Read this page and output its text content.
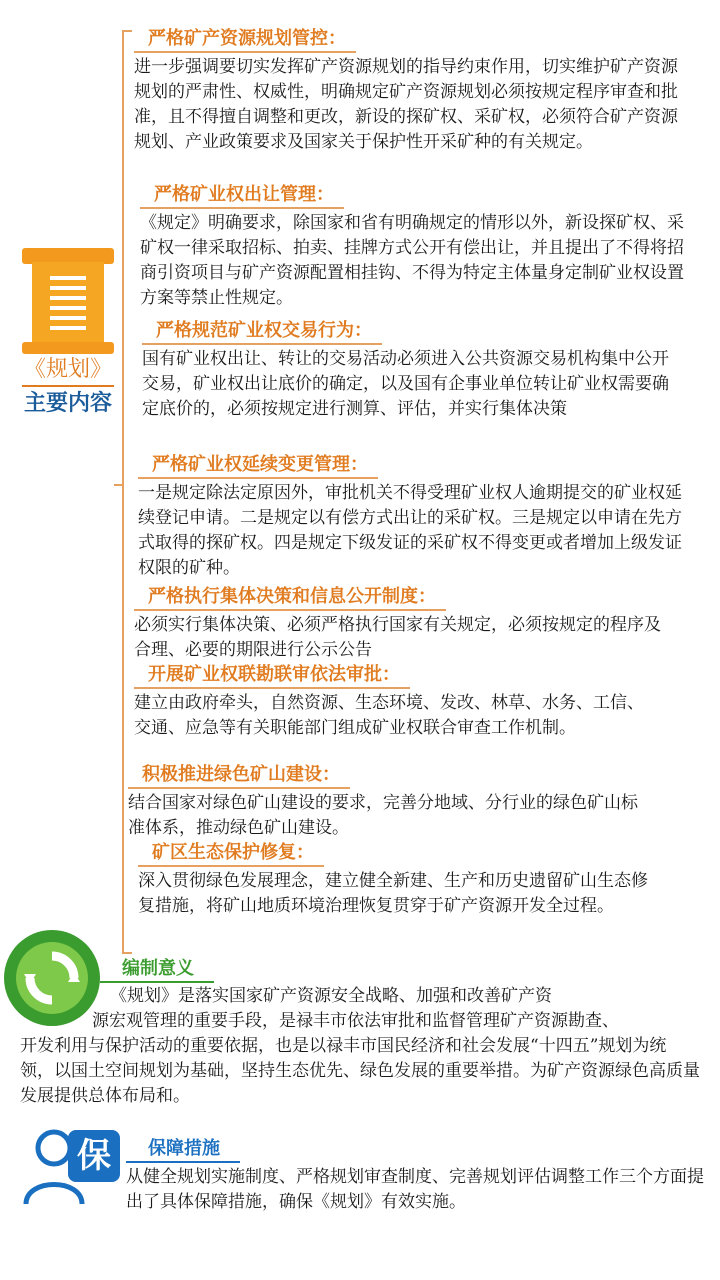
《规划》
主要内容
严格矿产资源规划管控：
进一步强调要切实发挥矿产资源规划的指导约束作用，切实维护矿产资源规划的严肃性、权威性，明确规定矿产资源规划必须按规定程序审查和批准，且不得擅自调整和更改，新设的探矿权、采矿权，必须符合矿产资源规划、产业政策要求及国家关于保护性开采矿种的有关规定。
严格矿业权出让管理：
《规定》明确要求，除国家和省有明确规定的情形以外，新设探矿权、采矿权一律采取招标、拍卖、挂牌方式公开有偿出让，并且提出了不得将招商引资项目与矿产资源配置相挂钩、不得为特定主体量身定制矿业权设置方案等禁止性规定。
严格规范矿业权交易行为：
国有矿业权出让、转让的交易活动必须进入公共资源交易机构集中公开交易，矿业权出让底价的确定，以及国有企事业单位转让矿业权需要确定底价的，必须按规定进行测算、评估，并实行集体决策
严格矿业权延续变更管理：
一是规定除法定原因外，审批机关不得受理矿业权人逾期提交的矿业权延续登记申请。二是规定以有偿方式出让的采矿权。三是规定以申请在先方式取得的探矿权。四是规定下级发证的采矿权不得变更或者增加上级发证权限的矿种。
严格执行集体决策和信息公开制度：
必须实行集体决策、必须严格执行国家有关规定，必须按规定的程序及合理、必要的期限进行公示公告
开展矿业权联勘联审依法审批：
建立由政府牵头，自然资源、生态环境、发改、林草、水务、工信、交通、应急等有关职能部门组成矿业权联合审查工作机制。
积极推进绿色矿山建设：
结合国家对绿色矿山建设的要求，完善分地域、分行业的绿色矿山标准体系，推动绿色矿山建设。
矿区生态保护修复：
深入贯彻绿色发展理念，建立健全新建、生产和历史遗留矿山生态修复措施，将矿山地质环境治理恢复贯穿于矿产资源开发全过程。
编制意义
《规划》是落实国家矿产资源安全战略、加强和改善矿产资
源宏观管理的重要手段，是禄丰市依法审批和监督管理矿产资源勘查、
开发利用与保护活动的重要依据，也是以禄丰市国民经济和社会发展“十四五”规划为统领，以国土空间规划为基础，坚持生态优先、绿色发展的重要举措。为矿产资源绿色高质量发展提供总体布局和。
保	保障措施
从健全规划实施制度、严格规划审查制度、完善规划评估调整工作三个方面提出了具体保障措施，确保《规划》有效实施。
